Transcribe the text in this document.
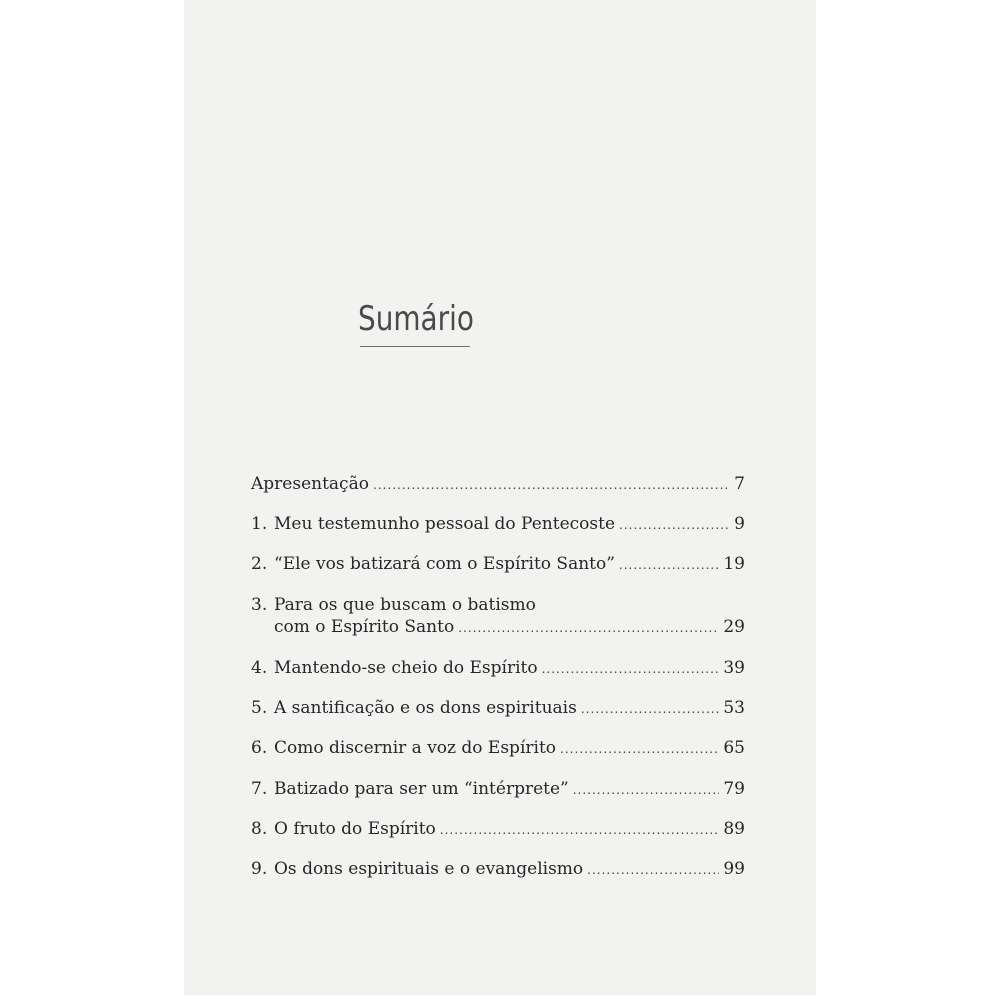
Sumário
Apresentação .....	7
1. Meu testemunho pessoal do Pentecoste .....	9
2. “Ele vos batizará com o Espírito Santo” .....	19
3. Para os que buscam o batismo
com o Espírito Santo .....	29
4. Mantendo-se cheio do Espírito .....	39
5. A santificação e os dons espirituais .....	53
6. Como discernir a voz do Espírito .....	65
7. Batizado para ser um “intérprete” .....	79
8. O fruto do Espírito .....	89
9. Os dons espirituais e o evangelismo .....	99
